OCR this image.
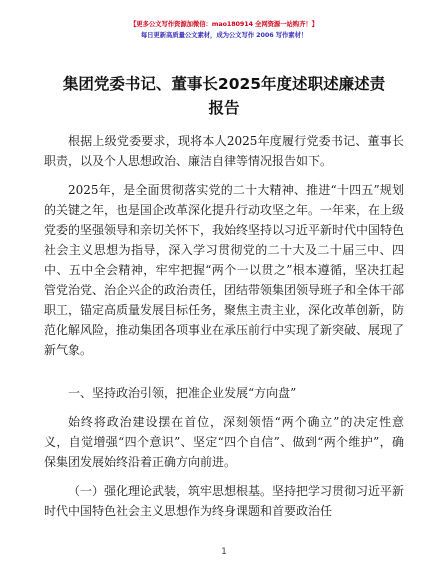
【更多公文写作资源加微信：mao180914 全网资源一站购齐！】
每日更新高质量公文素材，成为公文写作 2006 写作素材！
集团党委书记、董事长2025年度述职述廉述责
报告

根据上级党委要求，现将本人2025年度履行党委书记、董事长职责，以及个人思想政治、廉洁自律等情况报告如下。

2025年，是全面贯彻落实党的二十大精神、推进“十四五”规划的关键之年，也是国企改革深化提升行动攻坚之年。一年来，在上级党委的坚强领导和亲切关怀下，我始终坚持以习近平新时代中国特色社会主义思想为指导，深入学习贯彻党的二十大及二十届三中、四中、五中全会精神，牢牢把握“两个一以贯之”根本遵循，坚决扛起管党治党、治企兴企的政治责任，团结带领集团领导班子和全体干部职工，锚定高质量发展目标任务，聚焦主责主业，深化改革创新，防范化解风险，推动集团各项事业在承压前行中实现了新突破、展现了新气象。

一、坚持政治引领，把准企业发展“方向盘”

始终将政治建设摆在首位，深刻领悟“两个确立”的决定性意义，自觉增强“四个意识”、坚定“四个自信”、做到“两个维护”，确保集团发展始终沿着正确方向前进。

（一）强化理论武装，筑牢思想根基。坚持把学习贯彻习近平新时代中国特色社会主义思想作为终身课题和首要政治任

1
